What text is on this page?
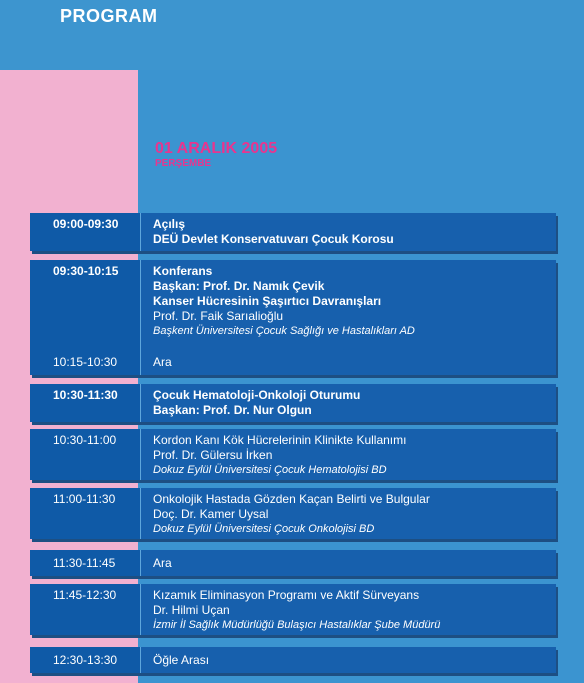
PROGRAM
01 ARALIK 2005
PERŞEMBE
09:00-09:30	Açılış
DEÜ Devlet Konservatuvarı Çocuk Korosu
09:30-10:15	Konferans
Başkan: Prof. Dr. Namık Çevik
Kanser Hücresinin Şaşırtıcı Davranışları
Prof. Dr. Faik Sarıalioğlu
Başkent Üniversitesi Çocuk Sağlığı ve Hastalıkları AD
10:15-10:30	Ara
10:30-11:30	Çocuk Hematoloji-Onkoloji Oturumu
Başkan: Prof. Dr. Nur Olgun
10:30-11:00	Kordon Kanı Kök Hücrelerinin Klinikte Kullanımı
Prof. Dr. Gülersu İrken
Dokuz Eylül Üniversitesi Çocuk Hematolojisi BD
11:00-11:30	Onkolojik Hastada Gözden Kaçan Belirti ve Bulgular
Doç. Dr. Kamer Uysal
Dokuz Eylül Üniversitesi Çocuk Onkolojisi BD
11:30-11:45	Ara
11:45-12:30	Kızamık Eliminasyon Programı ve Aktif Sürveyans
Dr. Hilmi Uçan
İzmir İl Sağlık Müdürlüğü Bulaşıcı Hastalıklar Şube Müdürü
12:30-13:30	Öğle Arası
